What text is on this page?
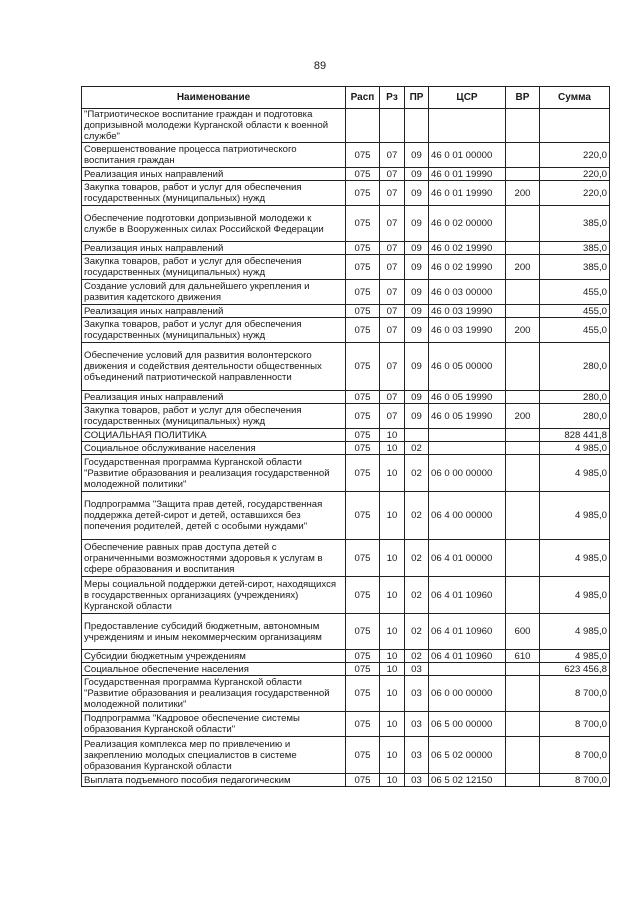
89
Наименование	Расп	Рз	ПР	ЦСР	ВР	Сумма
"Патриотическое воспитание граждан и подготовка допризывной молодежи Курганской области к военной службе"						
Совершенствование процесса патриотического воспитания граждан	075	07	09	46 0 01 00000		220,0
Реализация иных направлений	075	07	09	46 0 01 19990		220,0
Закупка товаров, работ и услуг для обеспечения государственных (муниципальных) нужд	075	07	09	46 0 01 19990	200	220,0
Обеспечение подготовки допризывной молодежи к службе в Вооруженных силах Российской Федерации	075	07	09	46 0 02 00000		385,0
Реализация иных направлений	075	07	09	46 0 02 19990		385,0
Закупка товаров, работ и услуг для обеспечения государственных (муниципальных) нужд	075	07	09	46 0 02 19990	200	385,0
Создание условий для дальнейшего укрепления и развития кадетского движения	075	07	09	46 0 03 00000		455,0
Реализация иных направлений	075	07	09	46 0 03 19990		455,0
Закупка товаров, работ и услуг для обеспечения государственных (муниципальных) нужд	075	07	09	46 0 03 19990	200	455,0
Обеспечение условий для развития волонтерского движения и содействия деятельности общественных объединений патриотической направленности	075	07	09	46 0 05 00000		280,0
Реализация иных направлений	075	07	09	46 0 05 19990		280,0
Закупка товаров, работ и услуг для обеспечения государственных (муниципальных) нужд	075	07	09	46 0 05 19990	200	280,0
СОЦИАЛЬНАЯ ПОЛИТИКА	075	10				828 441,8
Социальное обслуживание населения	075	10	02			4 985,0
Государственная программа Курганской области "Развитие образования и реализация государственной молодежной политики"	075	10	02	06 0 00 00000		4 985,0
Подпрограмма "Защита прав детей, государственная поддержка детей-сирот и детей, оставшихся без попечения родителей, детей с особыми нуждами"	075	10	02	06 4 00 00000		4 985,0
Обеспечение равных прав доступа детей с ограниченными возможностями здоровья к услугам в сфере образования и воспитания	075	10	02	06 4 01 00000		4 985,0
Меры социальной поддержки детей-сирот, находящихся в государственных организациях (учреждениях) Курганской области	075	10	02	06 4 01 10960		4 985,0
Предоставление субсидий бюджетным, автономным учреждениям и иным некоммерческим организациям	075	10	02	06 4 01 10960	600	4 985,0
Субсидии бюджетным учреждениям	075	10	02	06 4 01 10960	610	4 985,0
Социальное обеспечение населения	075	10	03			623 456,8
Государственная программа Курганской области "Развитие образования и реализация государственной молодежной политики"	075	10	03	06 0 00 00000		8 700,0
Подпрограмма "Кадровое обеспечение системы образования Курганской области"	075	10	03	06 5 00 00000		8 700,0
Реализация комплекса мер по привлечению и закреплению молодых специалистов в системе образования Курганской области	075	10	03	06 5 02 00000		8 700,0
Выплата подъемного пособия педагогическим	075	10	03	06 5 02 12150		8 700,0
